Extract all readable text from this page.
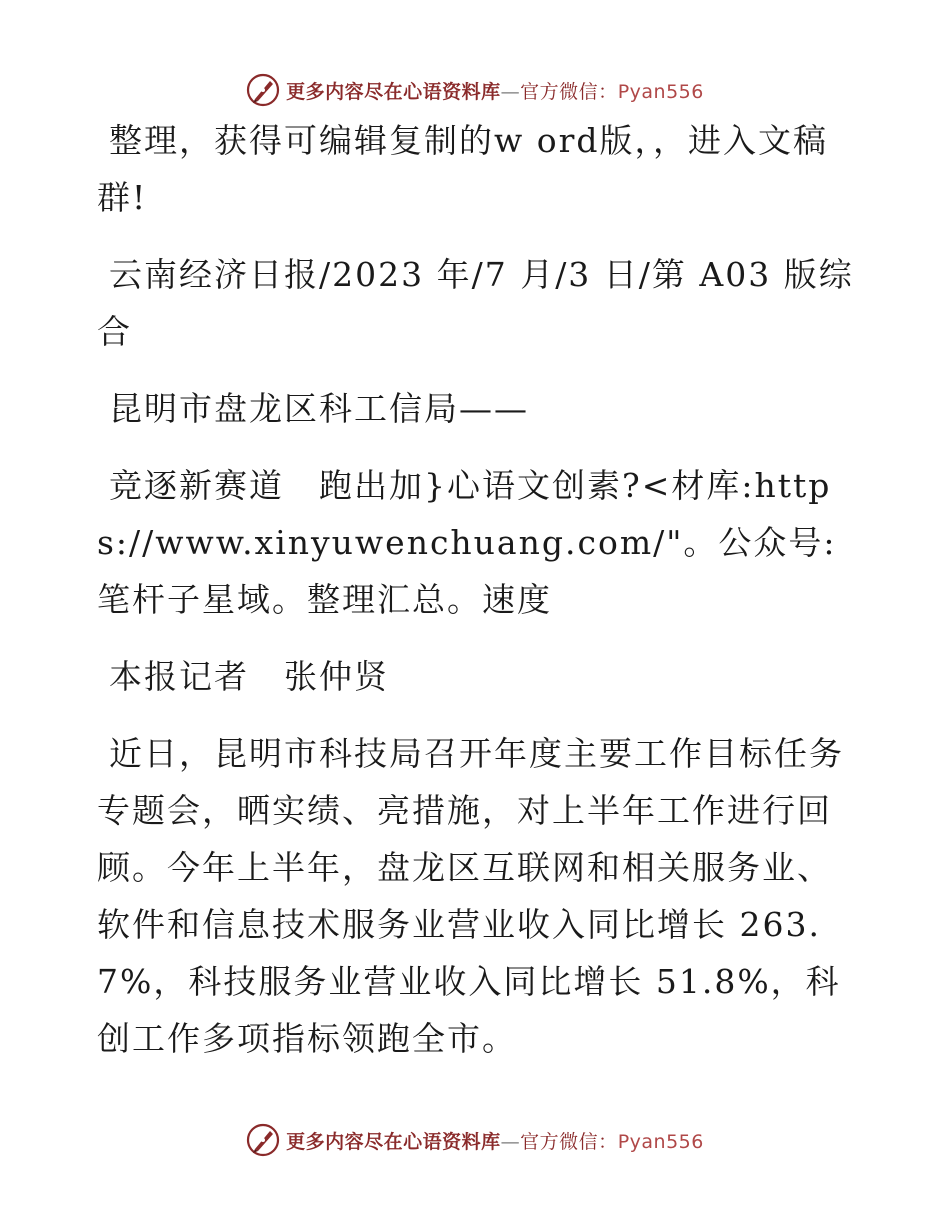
更多内容尽在心语资料库—官方微信：Pyan556

整理，获得可编辑复制的w ord版，，进入文稿群!

云南经济日报/2023 年/7 月/3 日/第 A03 版综合

昆明市盘龙区科工信局——

竞逐新赛道　跑出加}心语文创素?<材库:https://www.xinyuwenchuang.com/"。公众号: 笔杆子星域。整理汇总。速度

本报记者　张仲贤

近日，昆明市科技局召开年度主要工作目标任务专题会，晒实绩、亮措施，对上半年工作进行回顾。今年上半年，盘龙区互联网和相关服务业、软件和信息技术服务业营业收入同比增长 263.7%，科技服务业营业收入同比增长 51.8%，科创工作多项指标领跑全市。

更多内容尽在心语资料库—官方微信：Pyan556
